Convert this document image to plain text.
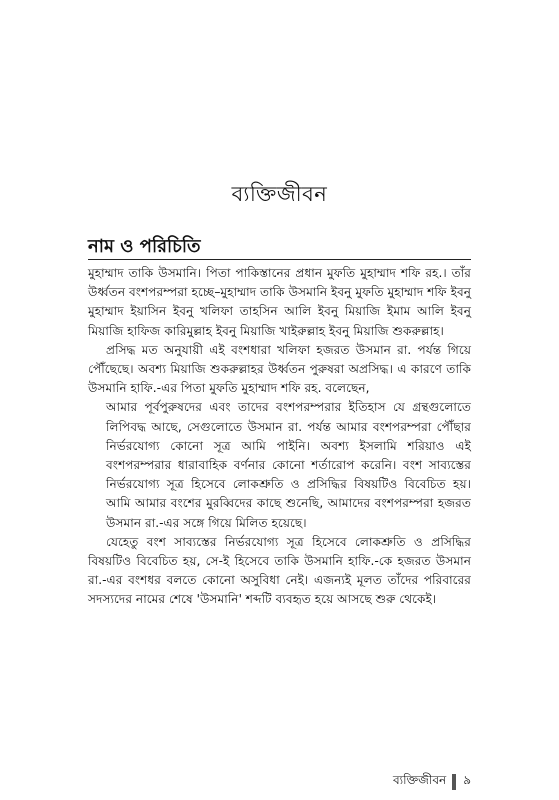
ব্যক্তিজীবন
নাম ও পরিচিতি

মুহাম্মাদ তাকি উসমানি। পিতা পাকিস্তানের প্রধান মুফতি মুহাম্মাদ শফি রহ.। তাঁর উর্ধ্বতন বংশপরম্পরা হচ্ছে–মুহাম্মাদ তাকি উসমানি ইবনু মুফতি মুহাম্মাদ শফি ইবনু মুহাম্মাদ ইয়াসিন ইবনু খলিফা তাহসিন আলি ইবনু মিয়াজি ইমাম আলি ইবনু মিয়াজি হাফিজ কারিমুল্লাহ ইবনু মিয়াজি খাইরুল্লাহ ইবনু মিয়াজি শুকরুল্লাহ।

প্রসিদ্ধ মত অনুযায়ী এই বংশধারা খলিফা হজরত উসমান রা. পর্যন্ত গিয়ে পৌঁছেছে। অবশ্য মিয়াজি শুকরুল্লাহর উর্ধ্বতন পুরুষরা অপ্রসিদ্ধ। এ কারণে তাকি উসমানি হাফি.-এর পিতা মুফতি মুহাম্মাদ শফি রহ. বলেছেন,

আমার পূর্বপুরুষদের এবং তাদের বংশপরম্পরার ইতিহাস যে গ্রন্থগুলোতে লিপিবদ্ধ আছে, সেগুলোতে উসমান রা. পর্যন্ত আমার বংশপরম্পরা পৌঁছার নির্ভরযোগ্য কোনো সূত্র আমি পাইনি। অবশ্য ইসলামি শরিয়াও এই বংশপরম্পরার ধারাবাহিক বর্ণনার কোনো শর্তারোপ করেনি। বংশ সাব্যস্তের নির্ভরযোগ্য সূত্র হিসেবে লোকশ্রুতি ও প্রসিদ্ধির বিষয়টিও বিবেচিত হয়। আমি আমার বংশের মুরব্বিদের কাছে শুনেছি, আমাদের বংশপরম্পরা হজরত উসমান রা.-এর সঙ্গে গিয়ে মিলিত হয়েছে।

যেহেতু বংশ সাব্যস্তের নির্ভরযোগ্য সূত্র হিসেবে লোকশ্রুতি ও প্রসিদ্ধির বিষয়টিও বিবেচিত হয়, সে-ই হিসেবে তাকি উসমানি হাফি.-কে হজরত উসমান রা.-এর বংশধর বলতে কোনো অসুবিধা নেই। এজন্যই মূলত তাঁদের পরিবারের সদস্যদের নামের শেষে 'উসমানি' শব্দটি ব্যবহৃত হয়ে আসছে শুরু থেকেই।

ব্যক্তিজীবন ৯
